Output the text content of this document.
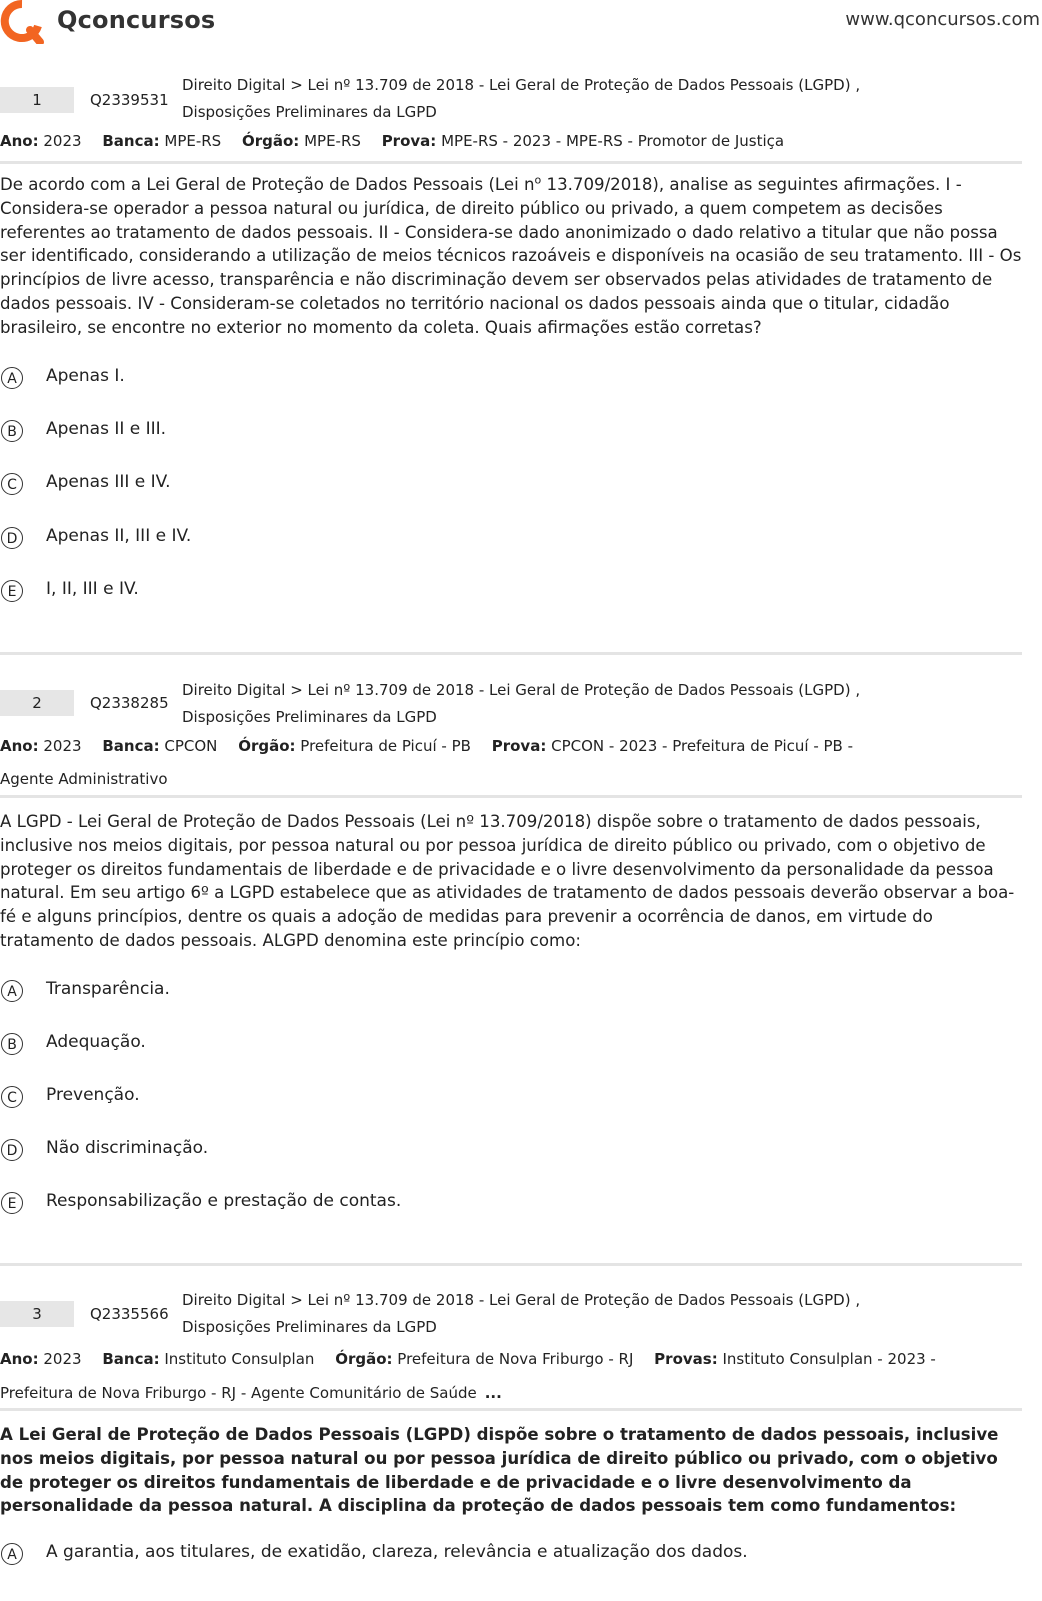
Qconcursos	www.qconcursos.com
1	Q2339531
Direito Digital > Lei nº 13.709 de 2018 - Lei Geral de Proteção de Dados Pessoais (LGPD) ,
Disposições Preliminares da LGPD
Ano: 2023 Banca: MPE-RS Órgão: MPE-RS Prova: MPE-RS - 2023 - MPE-RS - Promotor de Justiça
De acordo com a Lei Geral de Proteção de Dados Pessoais (Lei $n^o$ 13.709/2018), analise as seguintes afirmações. I - Considera-se operador a pessoa natural ou jurídica, de direito público ou privado, a quem competem as decisões referentes ao tratamento de dados pessoais. II - Considera-se dado anonimizado o dado relativo a titular que não possa ser identificado, considerando a utilização de meios técnicos razoáveis e disponíveis na ocasião de seu tratamento. III - Os princípios de livre acesso, transparência e não discriminação devem ser observados pelas atividades de tratamento de dados pessoais. IV - Consideram-se coletados no território nacional os dados pessoais ainda que o titular, cidadão brasileiro, se encontre no exterior no momento da coleta. Quais afirmações estão corretas?
A	Apenas I.
B	Apenas II e III.
C	Apenas III e IV.
D	Apenas II, III e IV.
E	I, II, III e IV.
2	Q2338285
Direito Digital > Lei nº 13.709 de 2018 - Lei Geral de Proteção de Dados Pessoais (LGPD) ,
Disposições Preliminares da LGPD
Ano: 2023 Banca: CPCON Órgão: Prefeitura de Picuí - PB Prova: CPCON - 2023 - Prefeitura de Picuí - PB - Agente Administrativo
A LGPD - Lei Geral de Proteção de Dados Pessoais (Lei nº 13.709/2018) dispõe sobre o tratamento de dados pessoais, inclusive nos meios digitais, por pessoa natural ou por pessoa jurídica de direito público ou privado, com o objetivo de proteger os direitos fundamentais de liberdade e de privacidade e o livre desenvolvimento da personalidade da pessoa natural. Em seu artigo 6º a LGPD estabelece que as atividades de tratamento de dados pessoais deverão observar a boa-fé e alguns princípios, dentre os quais a adoção de medidas para prevenir a ocorrência de danos, em virtude do tratamento de dados pessoais. ALGPD denomina este princípio como:
A	Transparência.
B	Adequação.
C	Prevenção.
D	Não discriminação.
E	Responsabilização e prestação de contas.
3	Q2335566
Direito Digital > Lei nº 13.709 de 2018 - Lei Geral de Proteção de Dados Pessoais (LGPD) ,
Disposições Preliminares da LGPD
Ano: 2023 Banca: Instituto Consulplan Órgão: Prefeitura de Nova Friburgo - RJ Provas: Instituto Consulplan - 2023 - Prefeitura de Nova Friburgo - RJ - Agente Comunitário de Saúde ...
A Lei Geral de Proteção de Dados Pessoais (LGPD) dispõe sobre o tratamento de dados pessoais, inclusive nos meios digitais, por pessoa natural ou por pessoa jurídica de direito público ou privado, com o objetivo de proteger os direitos fundamentais de liberdade e de privacidade e o livre desenvolvimento da personalidade da pessoa natural. A disciplina da proteção de dados pessoais tem como fundamentos:
A	A garantia, aos titulares, de exatidão, clareza, relevância e atualização dos dados.
